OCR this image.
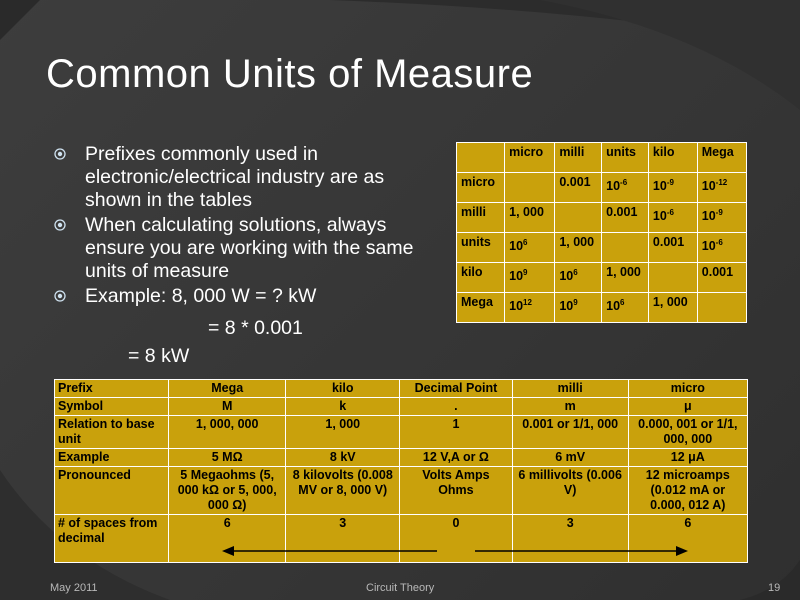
Common Units of Measure
Prefixes commonly used in electronic/electrical industry are as shown in the tables
When calculating solutions, always ensure you are working with the same units of measure
Example: 8, 000 W = ? kW
= 8 * 0.001
= 8 kW
	micro	milli	units	kilo	Mega
micro		0.001	$10^{-6}$	$10^{-9}$	$10^{-12}$
milli	1, 000		0.001	$10^{-6}$	$10^{-9}$
units	$10^6$	1, 000		0.001	$10^{-6}$
kilo	$10^9$	$10^6$	1, 000		0.001
Mega	$10^{12}$	$10^9$	$10^6$	1, 000	
Prefix	Mega	kilo	Decimal Point	milli	micro
Symbol	M	k	.	m	μ
Relation to base unit	1, 000, 000	1, 000	1	0.001 or 1/1, 000	0.000, 001 or 1/1, 000, 000
Example	5 MΩ	8 kV	12 V,A or Ω	6 mV	12 μA
Pronounced	5 Megaohms (5, 000 kΩ or 5, 000, 000 Ω)	8 kilovolts (0.008 MV or 8, 000 V)	Volts Amps Ohms	6 millivolts (0.006 V)	12 microamps (0.012 mA or 0.000, 012 A)
# of spaces from decimal	6	3	0	3	6
May 2011	Circuit Theory	19
